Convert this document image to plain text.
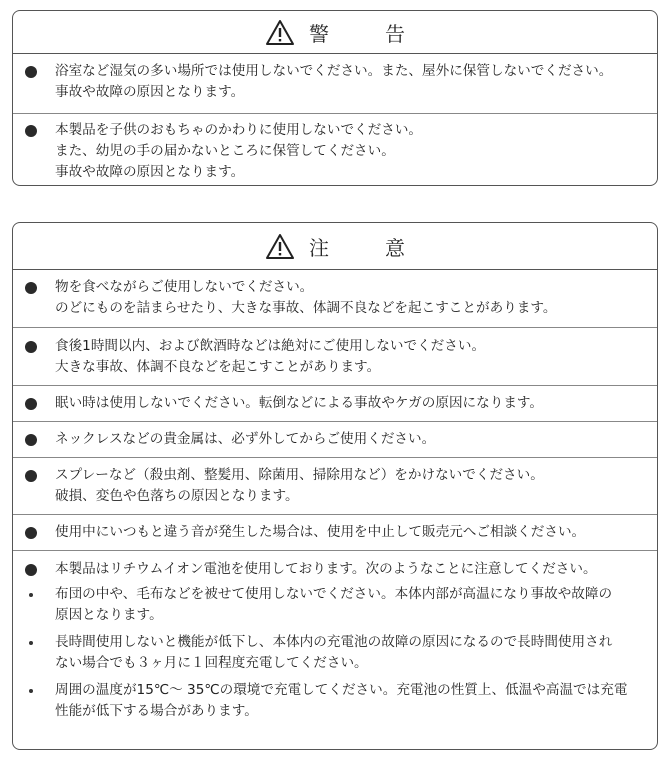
警　告
浴室など湿気の多い場所では使用しないでください。また、屋外に保管しないでください。
事故や故障の原因となります。
本製品を子供のおもちゃのかわりに使用しないでください。
また、幼児の手の届かないところに保管してください。
事故や故障の原因となります。
注　意
物を食べながらご使用しないでください。
のどにものを詰まらせたり、大きな事故、体調不良などを起こすことがあります。
食後1時間以内、および飲酒時などは絶対にご使用しないでください。
大きな事故、体調不良などを起こすことがあります。
眠い時は使用しないでください。転倒などによる事故やケガの原因になります。
ネックレスなどの貴金属は、必ず外してからご使用ください。
スプレーなど（殺虫剤、整髪用、除菌用、掃除用など）をかけないでください。
破損、変色や色落ちの原因となります。
使用中にいつもと違う音が発生した場合は、使用を中止して販売元へご相談ください。
本製品はリチウムイオン電池を使用しております。次のようなことに注意してください。
布団の中や、毛布などを被せて使用しないでください。本体内部が高温になり事故や故障の
原因となります。
長時間使用しないと機能が低下し、本体内の充電池の故障の原因になるので長時間使用され
ない場合でも３ヶ月に１回程度充電してください。
周囲の温度が15℃～ 35℃の環境で充電してください。充電池の性質上、低温や高温では充電
性能が低下する場合があります。
